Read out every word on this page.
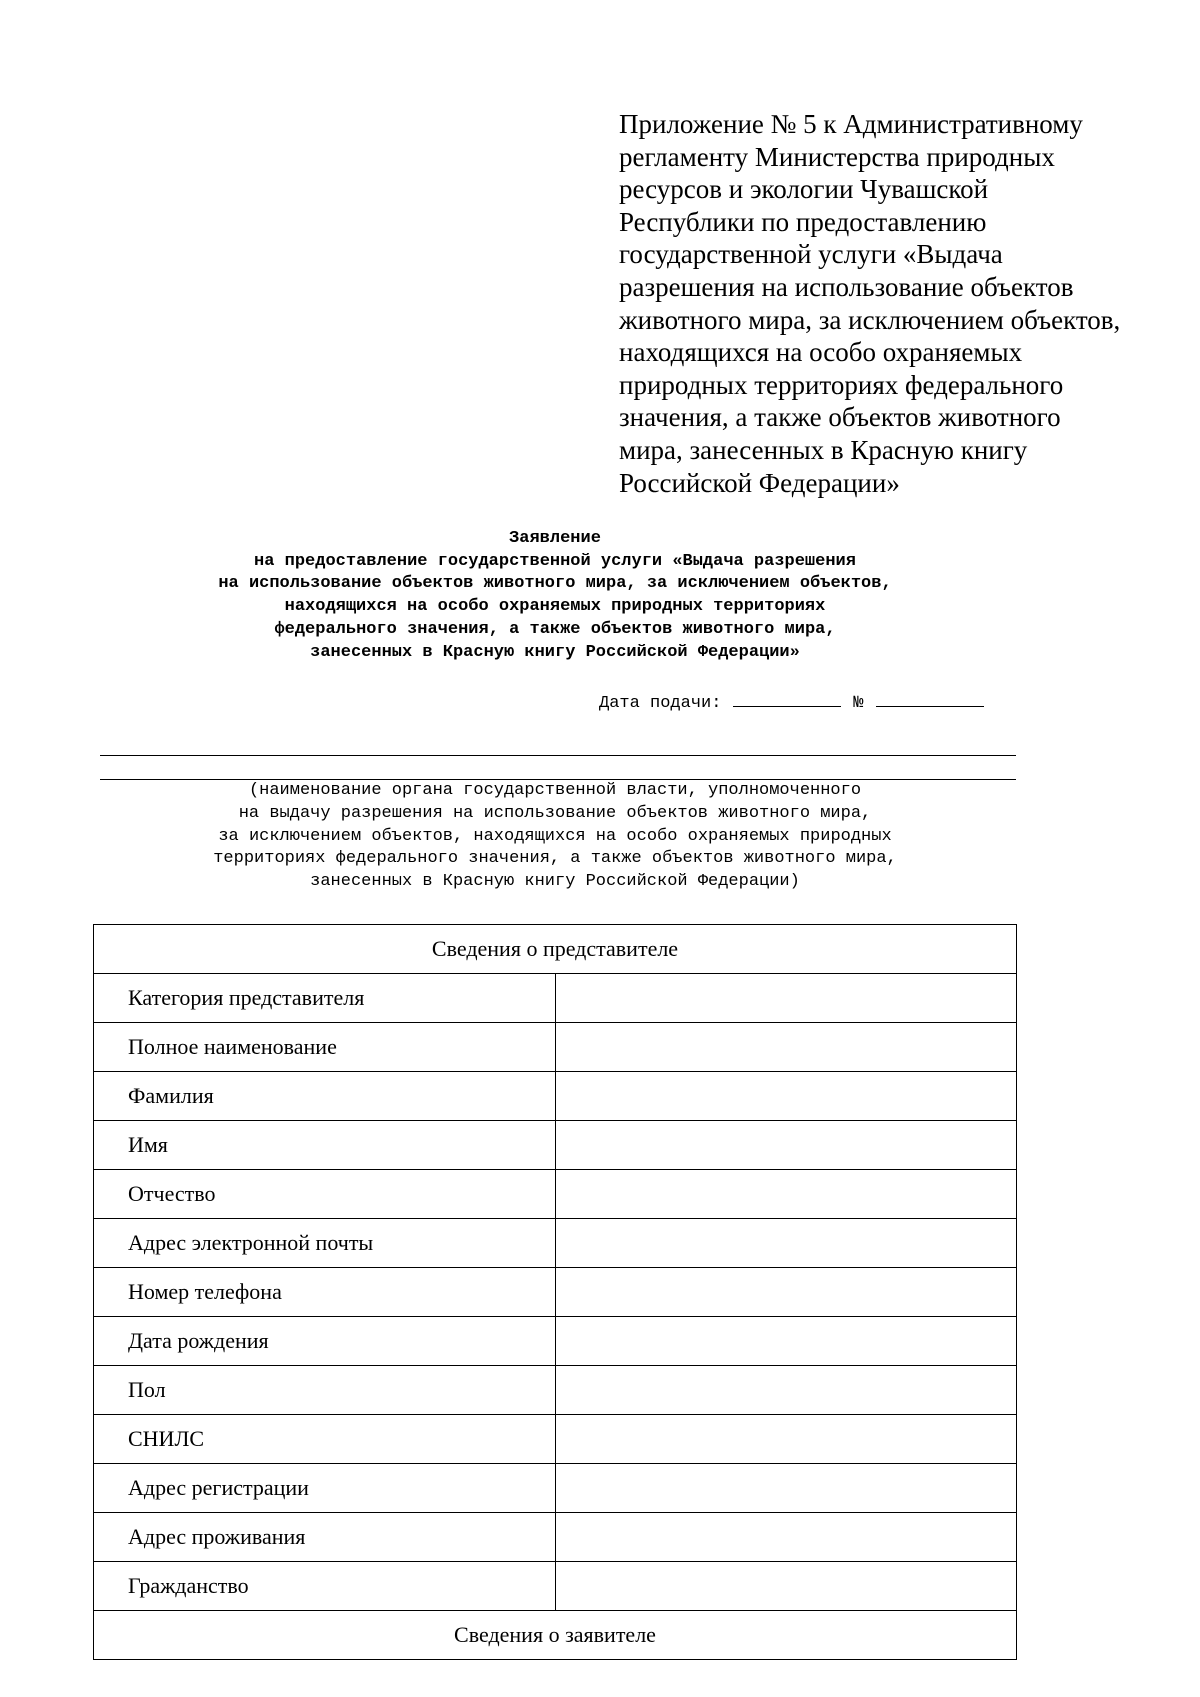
Приложение № 5 к Административному
регламенту Министерства природных
ресурсов и экологии Чувашской
Республики по предоставлению
государственной услуги «Выдача
разрешения на использование объектов
животного мира, за исключением объектов,
находящихся на особо охраняемых
природных территориях федерального
значения, а также объектов животного
мира, занесенных в Красную книгу
Российской Федерации»
Заявление
на предоставление государственной услуги «Выдача разрешения
на использование объектов животного мира, за исключением объектов,
находящихся на особо охраняемых природных территориях
федерального значения, а также объектов животного мира,
занесенных в Красную книгу Российской Федерации»
Дата подачи:	№
(наименование органа государственной власти, уполномоченного
на выдачу разрешения на использование объектов животного мира,
за исключением объектов, находящихся на особо охраняемых природных
территориях федерального значения, а также объектов животного мира,
занесенных в Красную книгу Российской Федерации)
Сведения о представителе	
Категория представителя	
Полное наименование	
Фамилия	
Имя	
Отчество	
Адрес электронной почты	
Номер телефона	
Дата рождения	
Пол	
СНИЛС	
Адрес регистрации	
Адрес проживания	
Гражданство	
Сведения о заявителе	
